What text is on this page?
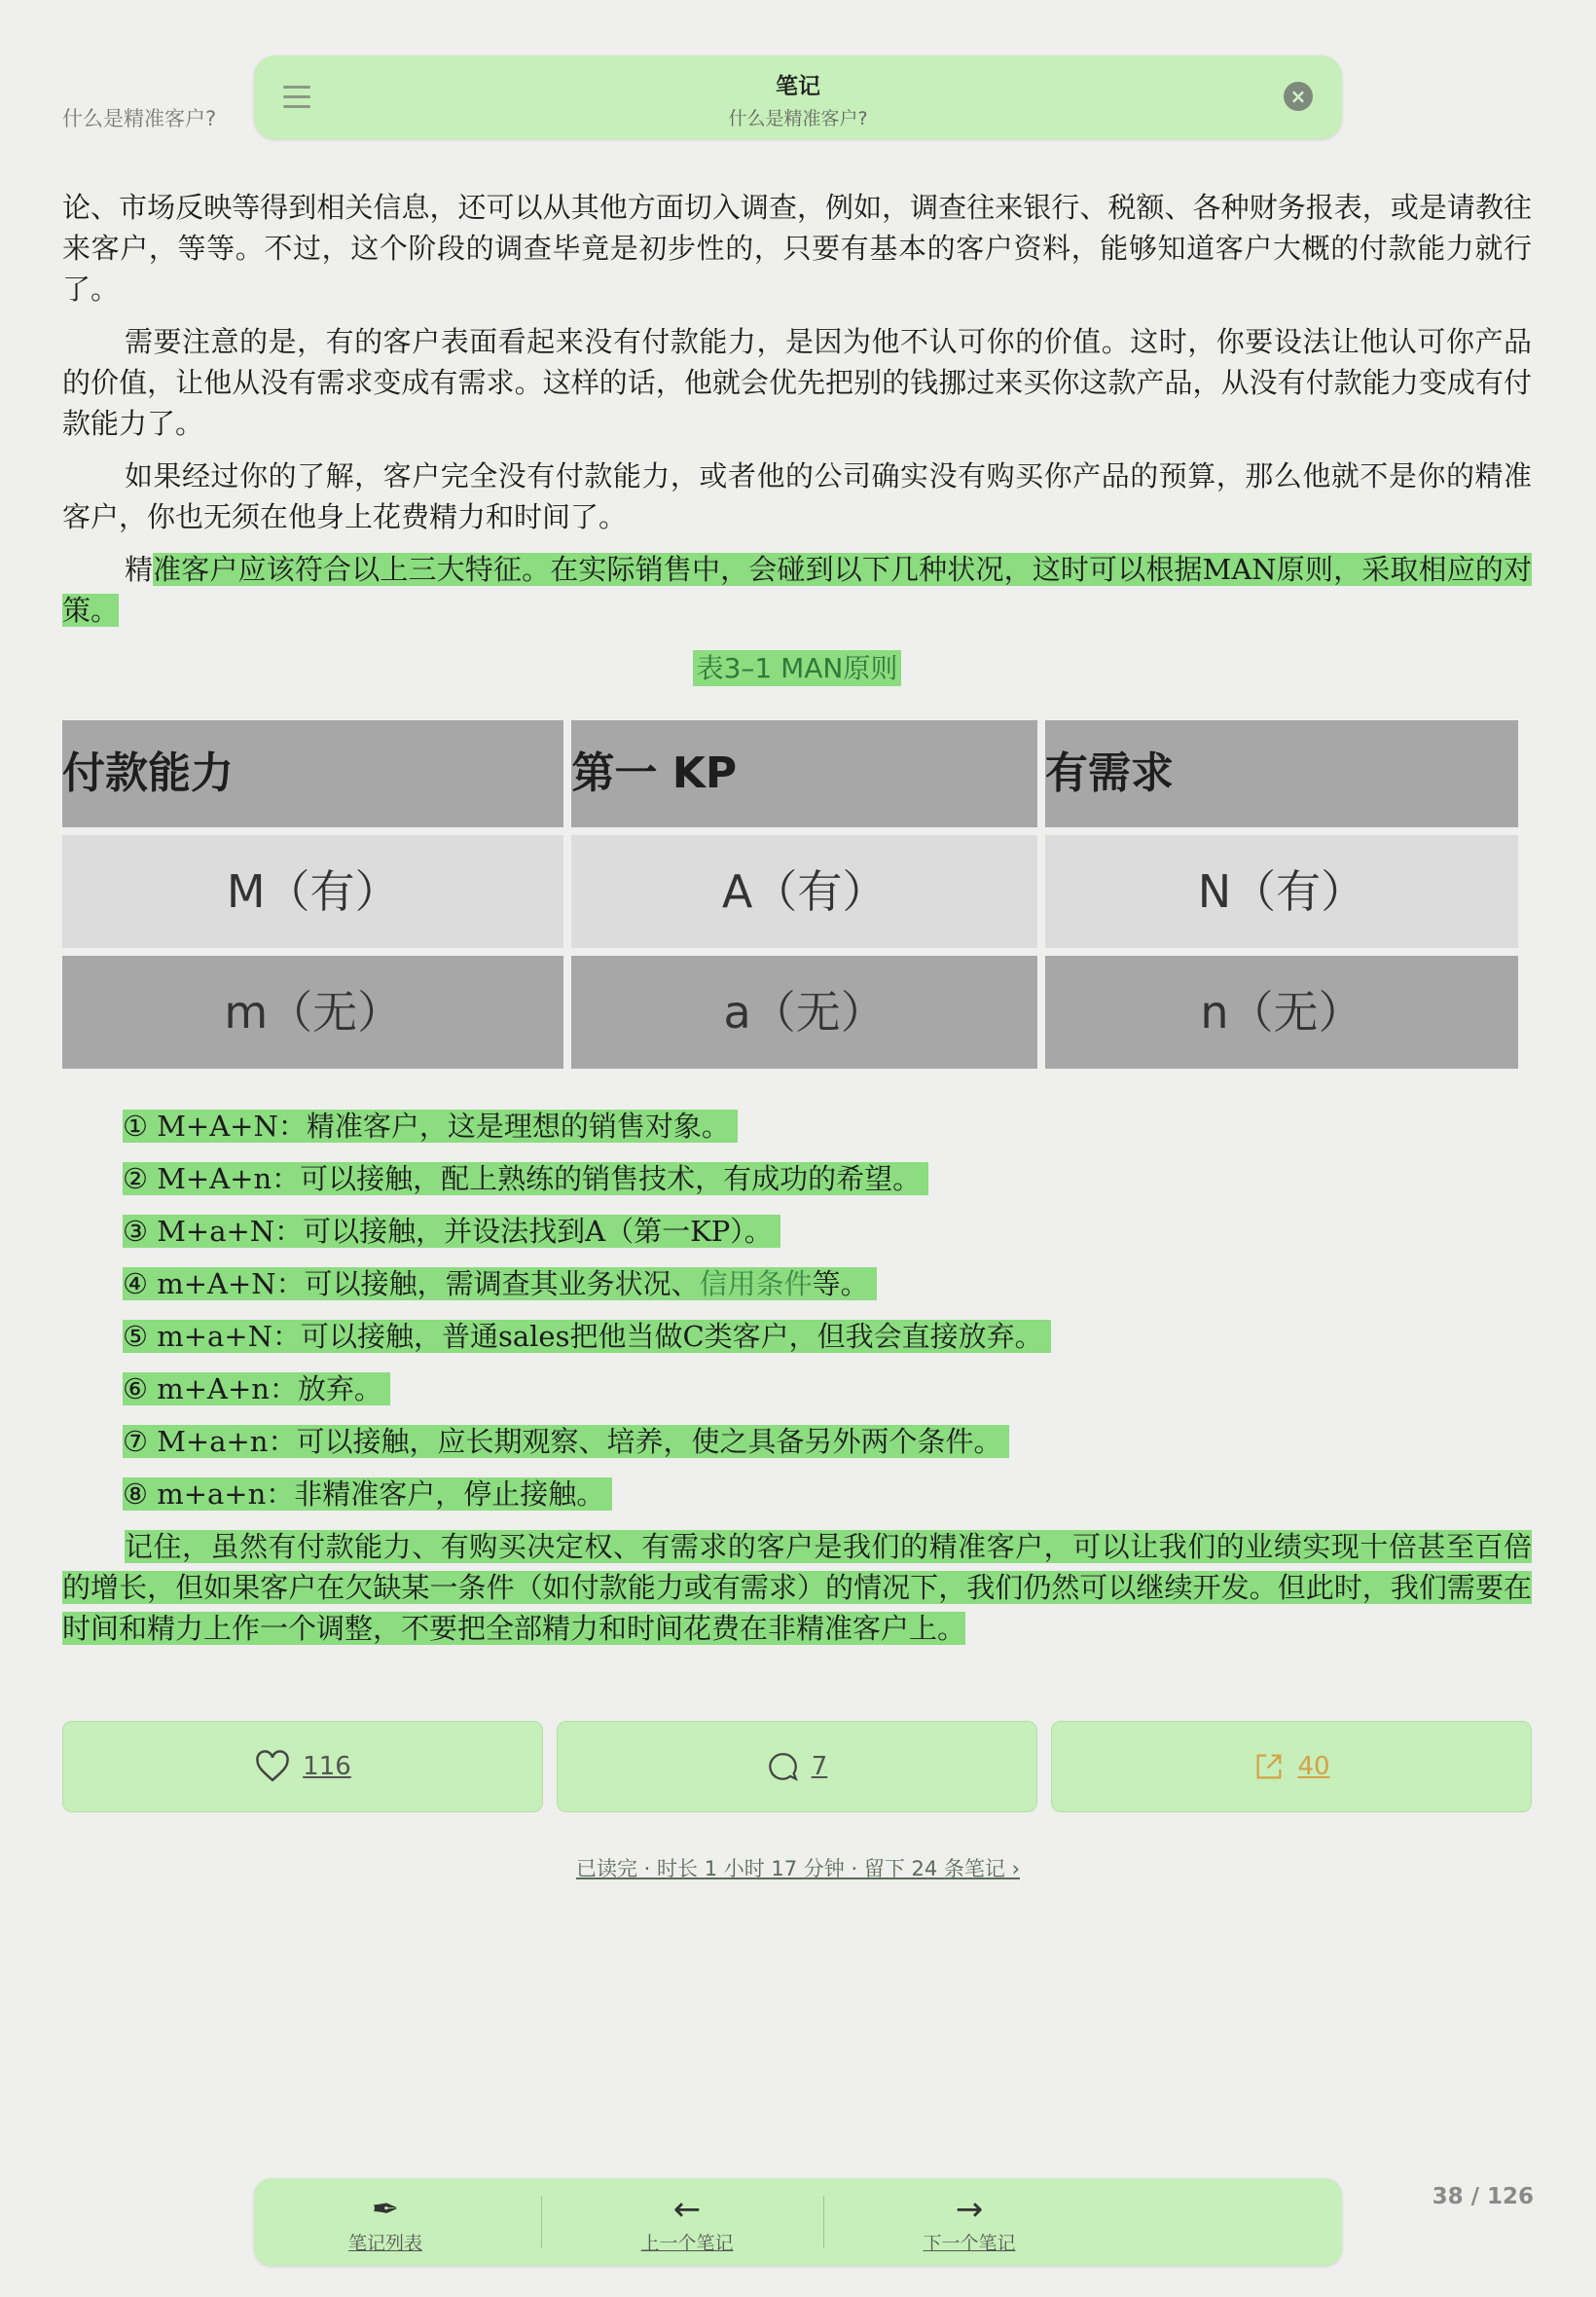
什么是精准客户?
笔记
什么是精准客户?
×

论、市场反映等得到相关信息，还可以从其他方面切入调查，例如，调查往来银行、税额、各种财务报表，或是请教往来客户，等等。不过，这个阶段的调查毕竟是初步性的，只要有基本的客户资料，能够知道客户大概的付款能力就行了。

需要注意的是，有的客户表面看起来没有付款能力，是因为他不认可你的价值。这时，你要设法让他认可你产品的价值，让他从没有需求变成有需求。这样的话，他就会优先把别的钱挪过来买你这款产品，从没有付款能力变成有付款能力了。

如果经过你的了解，客户完全没有付款能力，或者他的公司确实没有购买你产品的预算，那么他就不是你的精准客户，你也无须在他身上花费精力和时间了。

精准客户应该符合以上三大特征。在实际销售中，会碰到以下几种状况，这时可以根据MAN原则，采取相应的对策。

表3–1 MAN原则
付款能力	第一 KP	有需求
M（有）	A（有）	N（有）
m（无）	a（无）	n（无）
① M+A+N：精准客户，这是理想的销售对象。
② M+A+n：可以接触，配上熟练的销售技术，有成功的希望。
③ M+a+N：可以接触，并设法找到A（第一KP）。
④ m+A+N：可以接触，需调查其业务状况、信用条件等。
⑤ m+a+N：可以接触，普通sales把他当做C类客户，但我会直接放弃。
⑥ m+A+n：放弃。
⑦ M+a+n：可以接触，应长期观察、培养，使之具备另外两个条件。
⑧ m+a+n：非精准客户，停止接触。

记住，虽然有付款能力、有购买决定权、有需求的客户是我们的精准客户，可以让我们的业绩实现十倍甚至百倍的增长，但如果客户在欠缺某一条件（如付款能力或有需求）的情况下，我们仍然可以继续开发。但此时，我们需要在时间和精力上作一个调整，不要把全部精力和时间花费在非精准客户上。

116	7	40
已读完 · 时长 1 小时 17 分钟 · 留下 24 条笔记 ›
38 / 126
✒
笔记列表
←
上一个笔记
→
下一个笔记
